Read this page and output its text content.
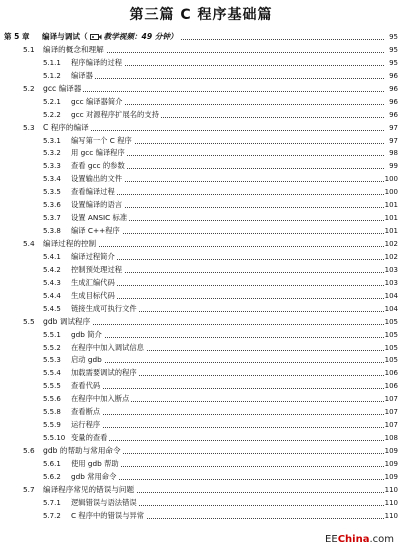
第三篇 C 程序基础篇
第 5 章 编译与调试（ 教学视频：49 分钟）	95
5.1 编译的概念和理解	95
5.1.1 程序编译的过程	95
5.1.2 编译器	96
5.2 gcc 编译器	96
5.2.1 gcc 编译器简介	96
5.2.2 gcc 对源程序扩展名的支持	96
5.3 C 程序的编译	97
5.3.1 编写第一个 C 程序	97
5.3.2 用 gcc 编译程序	98
5.3.3 查看 gcc 的参数	99
5.3.4 设置输出的文件	100
5.3.5 查看编译过程	100
5.3.6 设置编译的语言	101
5.3.7 设置 ANSIC 标准	101
5.3.8 编译 C++程序	101
5.4 编译过程的控制	102
5.4.1 编译过程简介	102
5.4.2 控制预处理过程	103
5.4.3 生成汇编代码	103
5.4.4 生成目标代码	104
5.4.5 链接生成可执行文件	104
5.5 gdb 调试程序	105
5.5.1 gdb 简介	105
5.5.2 在程序中加入调试信息	105
5.5.3 启动 gdb	105
5.5.4 加载需要调试的程序	106
5.5.5 查看代码	106
5.5.6 在程序中加入断点	107
5.5.8 查看断点	107
5.5.9 运行程序	107
5.5.10 变量的查看	108
5.6 gdb 的帮助与常用命令	109
5.6.1 使用 gdb 帮助	109
5.6.2 gdb 常用命令	109
5.7 编译程序常见的错误与问题	110
5.7.1 逻辑错误与语法错误	110
5.7.2 C 程序中的错误与异常	110
EEChina.com
